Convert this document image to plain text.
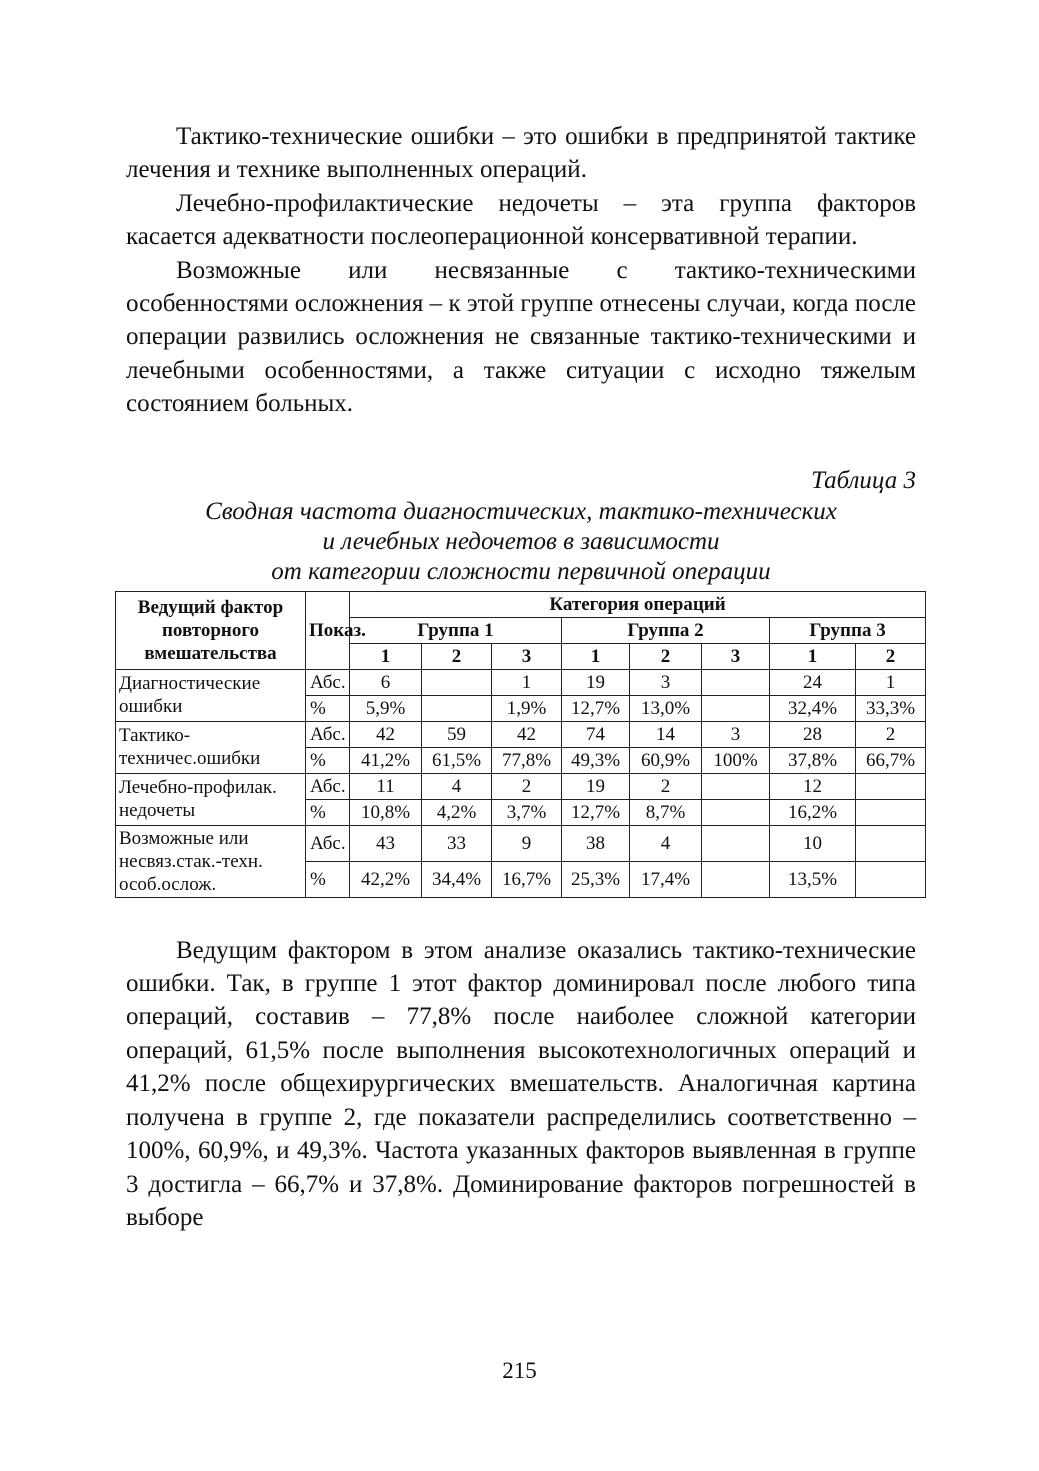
Тактико-технические ошибки – это ошибки в предпринятой тактике лечения и технике выполненных операций.

Лечебно-профилактические недочеты – эта группа факторов касается адекватности послеоперационной консервативной терапии.

Возможные или несвязанные с тактико-техническими особенностями осложнения – к этой группе отнесены случаи, когда после операции развились осложнения не связанные тактико-техническими и лечебными особенностями, а также ситуации с исходно тяжелым состоянием больных.

Таблица 3
Сводная частота диагностических, тактико-технических
и лечебных недочетов в зависимости
от категории сложности первичной операции
Ведущий фактор повторного вмешательства	Показ.	Категория операций							
		Группа 1			Группа 2			Группа 3	
		1	2	3	1	2	3	1	2
Диагностические ошибки	Абс.	6		1	19	3		24	1
	%	5,9%		1,9%	12,7%	13,0%		32,4%	33,3%
Тактико-техничес.ошибки	Абс.	42	59	42	74	14	3	28	2
	%	41,2%	61,5%	77,8%	49,3%	60,9%	100%	37,8%	66,7%
Лечебно-профилак. недочеты	Абс.	11	4	2	19	2		12	
	%	10,8%	4,2%	3,7%	12,7%	8,7%		16,2%	
Возможные или несвяз.стак.-техн. особ.ослож.	Абс.	43	33	9	38	4		10	
	%	42,2%	34,4%	16,7%	25,3%	17,4%		13,5%	

Ведущим фактором в этом анализе оказались тактико-технические ошибки. Так, в группе 1 этот фактор доминировал после любого типа операций, составив – 77,8% после наиболее сложной категории операций, 61,5% после выполнения высокотехнологичных операций и 41,2% после общехирургических вмешательств. Аналогичная картина получена в группе 2, где показатели распределились соответственно – 100%, 60,9%, и 49,3%. Частота указанных факторов выявленная в группе 3 достигла – 66,7% и 37,8%. Доминирование факторов погрешностей в выборе

215
